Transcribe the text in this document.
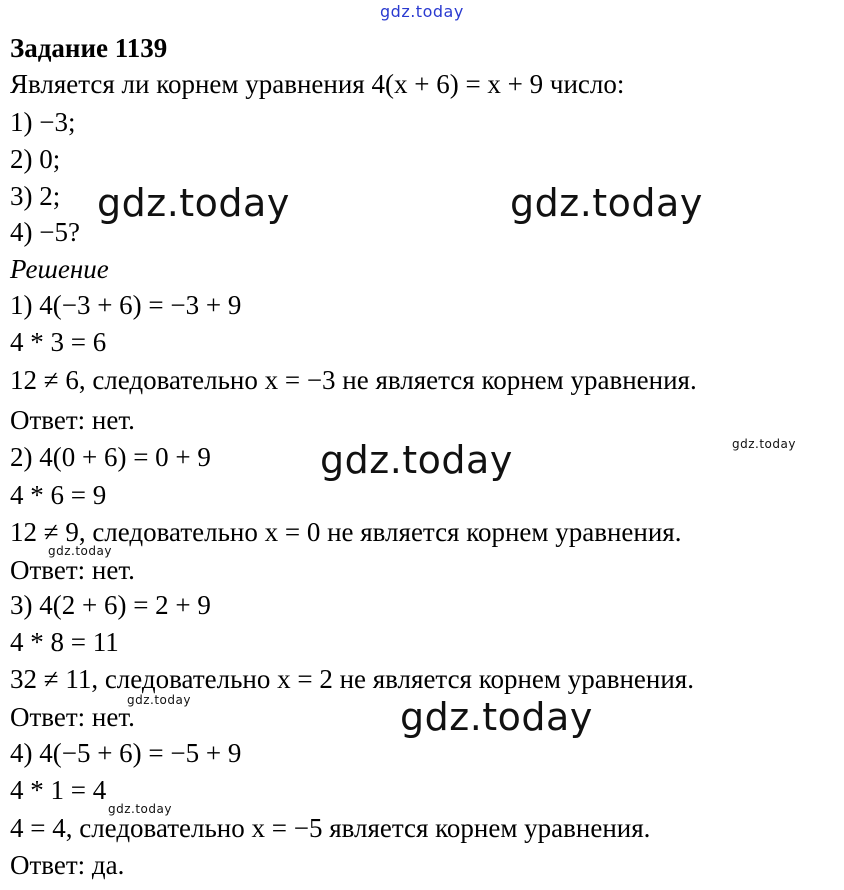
gdz.today
gdz.today	gdz.today
gdz.today
gdz.today
gdz.today
gdz.today
gdz.today
gdz.today
Задание 1139
Является ли корнем уравнения 4(x + 6) = x + 9 число:
1) −3;
2) 0;
3) 2;
4) −5?
Решение
1) 4(−3 + 6) = −3 + 9
4 * 3 = 6
12 ≠ 6, следовательно x = −3 не является корнем уравнения.
Ответ: нет.
2) 4(0 + 6) = 0 + 9
4 * 6 = 9
12 ≠ 9, следовательно x = 0 не является корнем уравнения.
Ответ: нет.
3) 4(2 + 6) = 2 + 9
4 * 8 = 11
32 ≠ 11, следовательно x = 2 не является корнем уравнения.
Ответ: нет.
4) 4(−5 + 6) = −5 + 9
4 * 1 = 4
4 = 4, следовательно x = −5 является корнем уравнения.
Ответ: да.
